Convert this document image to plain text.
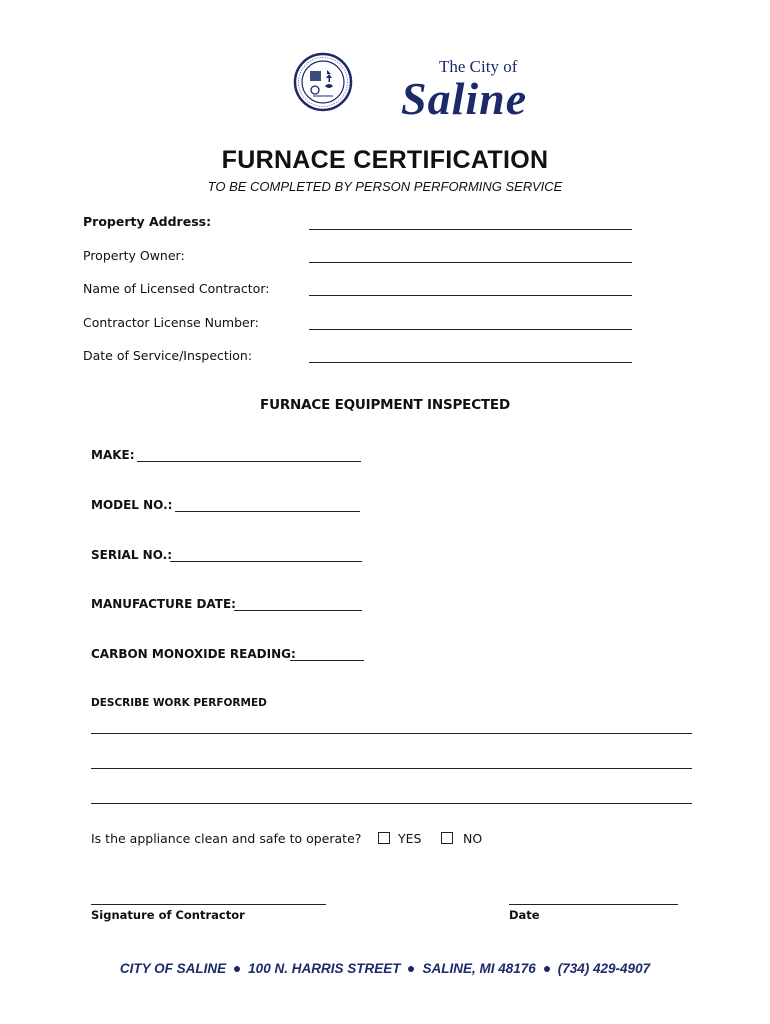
The City of
Saline
FURNACE CERTIFICATION
TO BE COMPLETED BY PERSON PERFORMING SERVICE
Property Address:
Property Owner:
Name of Licensed Contractor:
Contractor License Number:
Date of Service/Inspection:
FURNACE EQUIPMENT INSPECTED
MAKE:
MODEL NO.:
SERIAL NO.:
MANUFACTURE DATE:
CARBON MONOXIDE READING:
DESCRIBE WORK PERFORMED
Is the appliance clean and safe to operate?	YES	NO
Signature of Contractor	Date
CITY OF SALINE 100 N. HARRIS STREET SALINE, MI 48176 (734) 429-4907
